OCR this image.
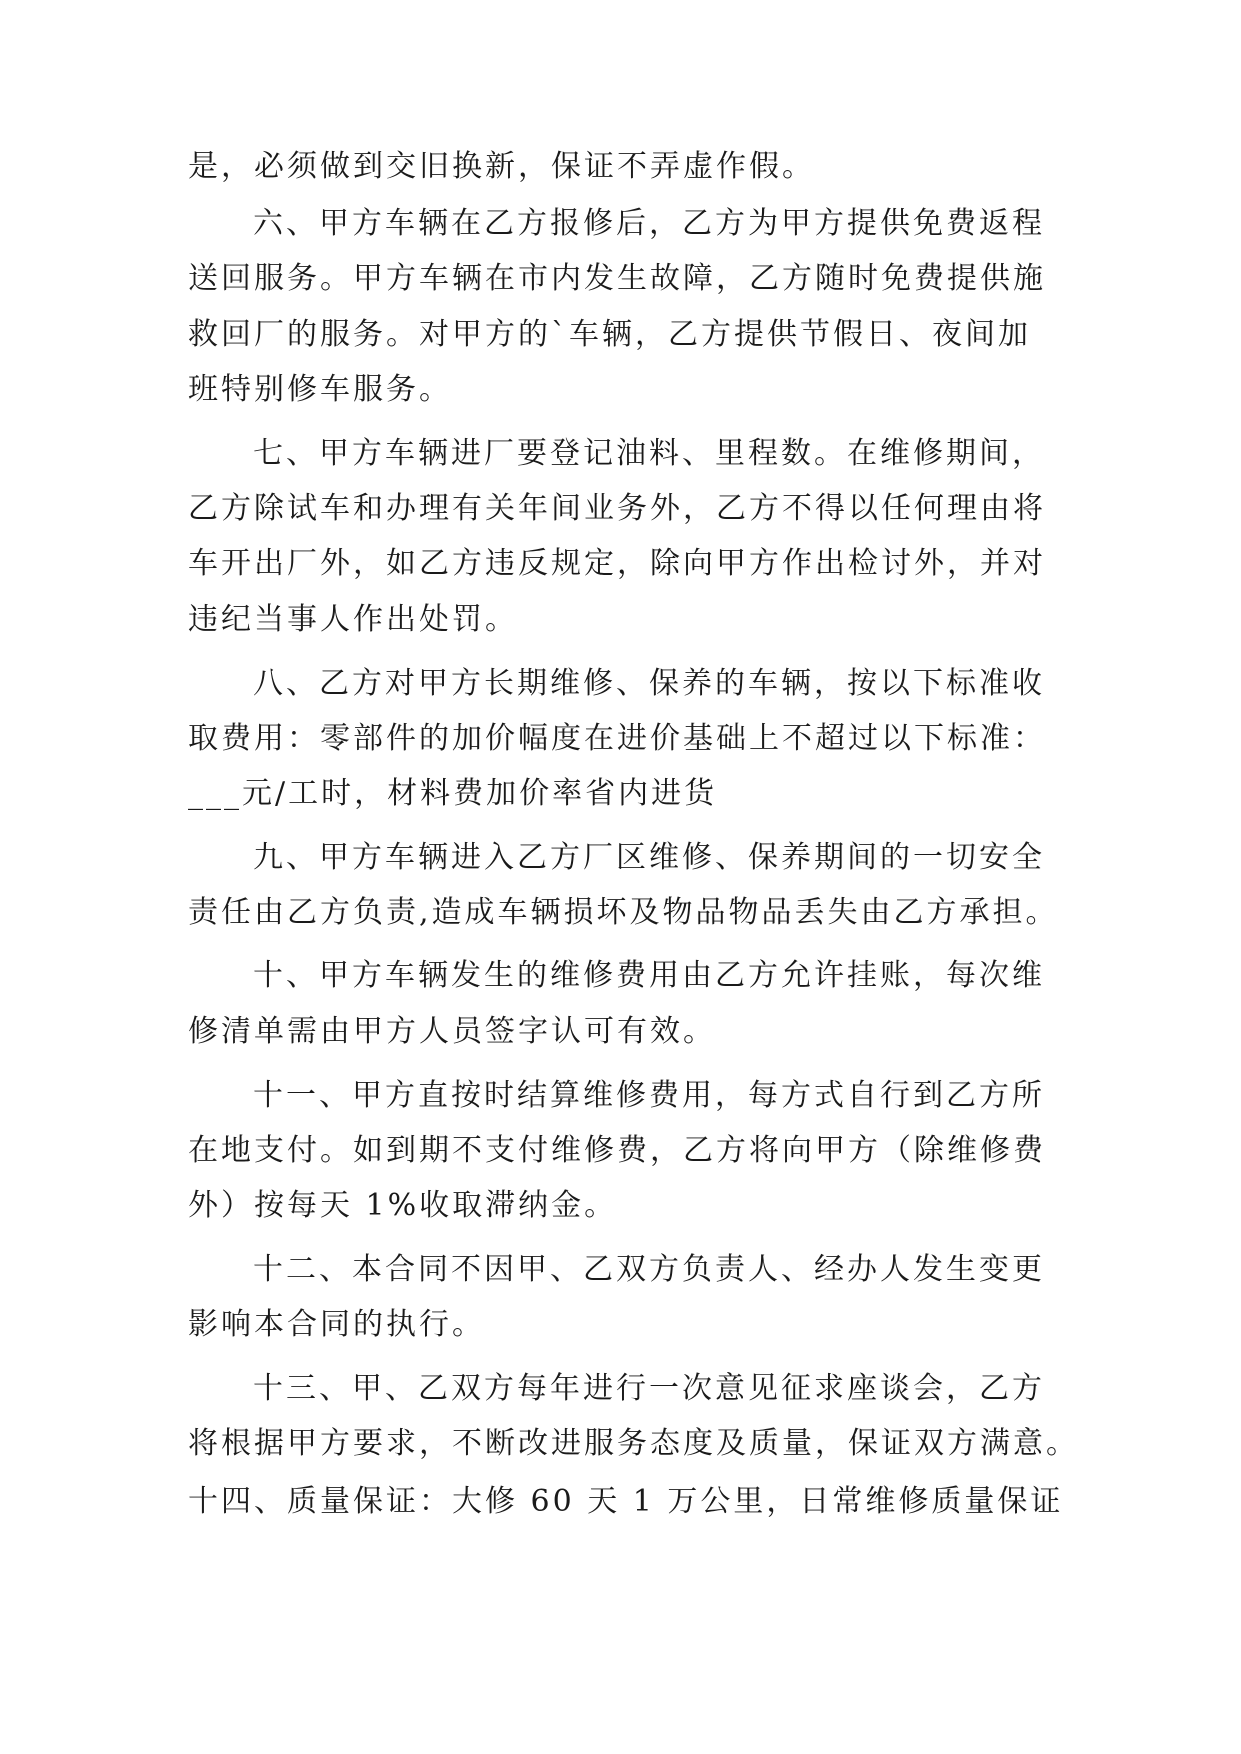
是，必须做到交旧换新，保证不弄虚作假。
六、甲方车辆在乙方报修后，乙方为甲方提供免费返程
送回服务。甲方车辆在市内发生故障，乙方随时免费提供施
救回厂的服务。对甲方的`车辆，乙方提供节假日、夜间加
班特别修车服务。
七、甲方车辆进厂要登记油料、里程数。在维修期间，
乙方除试车和办理有关年间业务外，乙方不得以任何理由将
车开出厂外，如乙方违反规定，除向甲方作出检讨外，并对
违纪当事人作出处罚。
八、乙方对甲方长期维修、保养的车辆，按以下标准收
取费用：零部件的加价幅度在进价基础上不超过以下标准：
___元/工时，材料费加价率省内进货
九、甲方车辆进入乙方厂区维修、保养期间的一切安全
责任由乙方负责,造成车辆损坏及物品物品丢失由乙方承担。
十、甲方车辆发生的维修费用由乙方允许挂账，每次维
修清单需由甲方人员签字认可有效。
十一、甲方直按时结算维修费用，每方式自行到乙方所
在地支付。如到期不支付维修费，乙方将向甲方（除维修费
外）按每天 1%收取滞纳金。
十二、本合同不因甲、乙双方负责人、经办人发生变更
影响本合同的执行。
十三、甲、乙双方每年进行一次意见征求座谈会，乙方
将根据甲方要求，不断改进服务态度及质量，保证双方满意。
十四、质量保证：大修 60 天 1 万公里，日常维修质量保证
